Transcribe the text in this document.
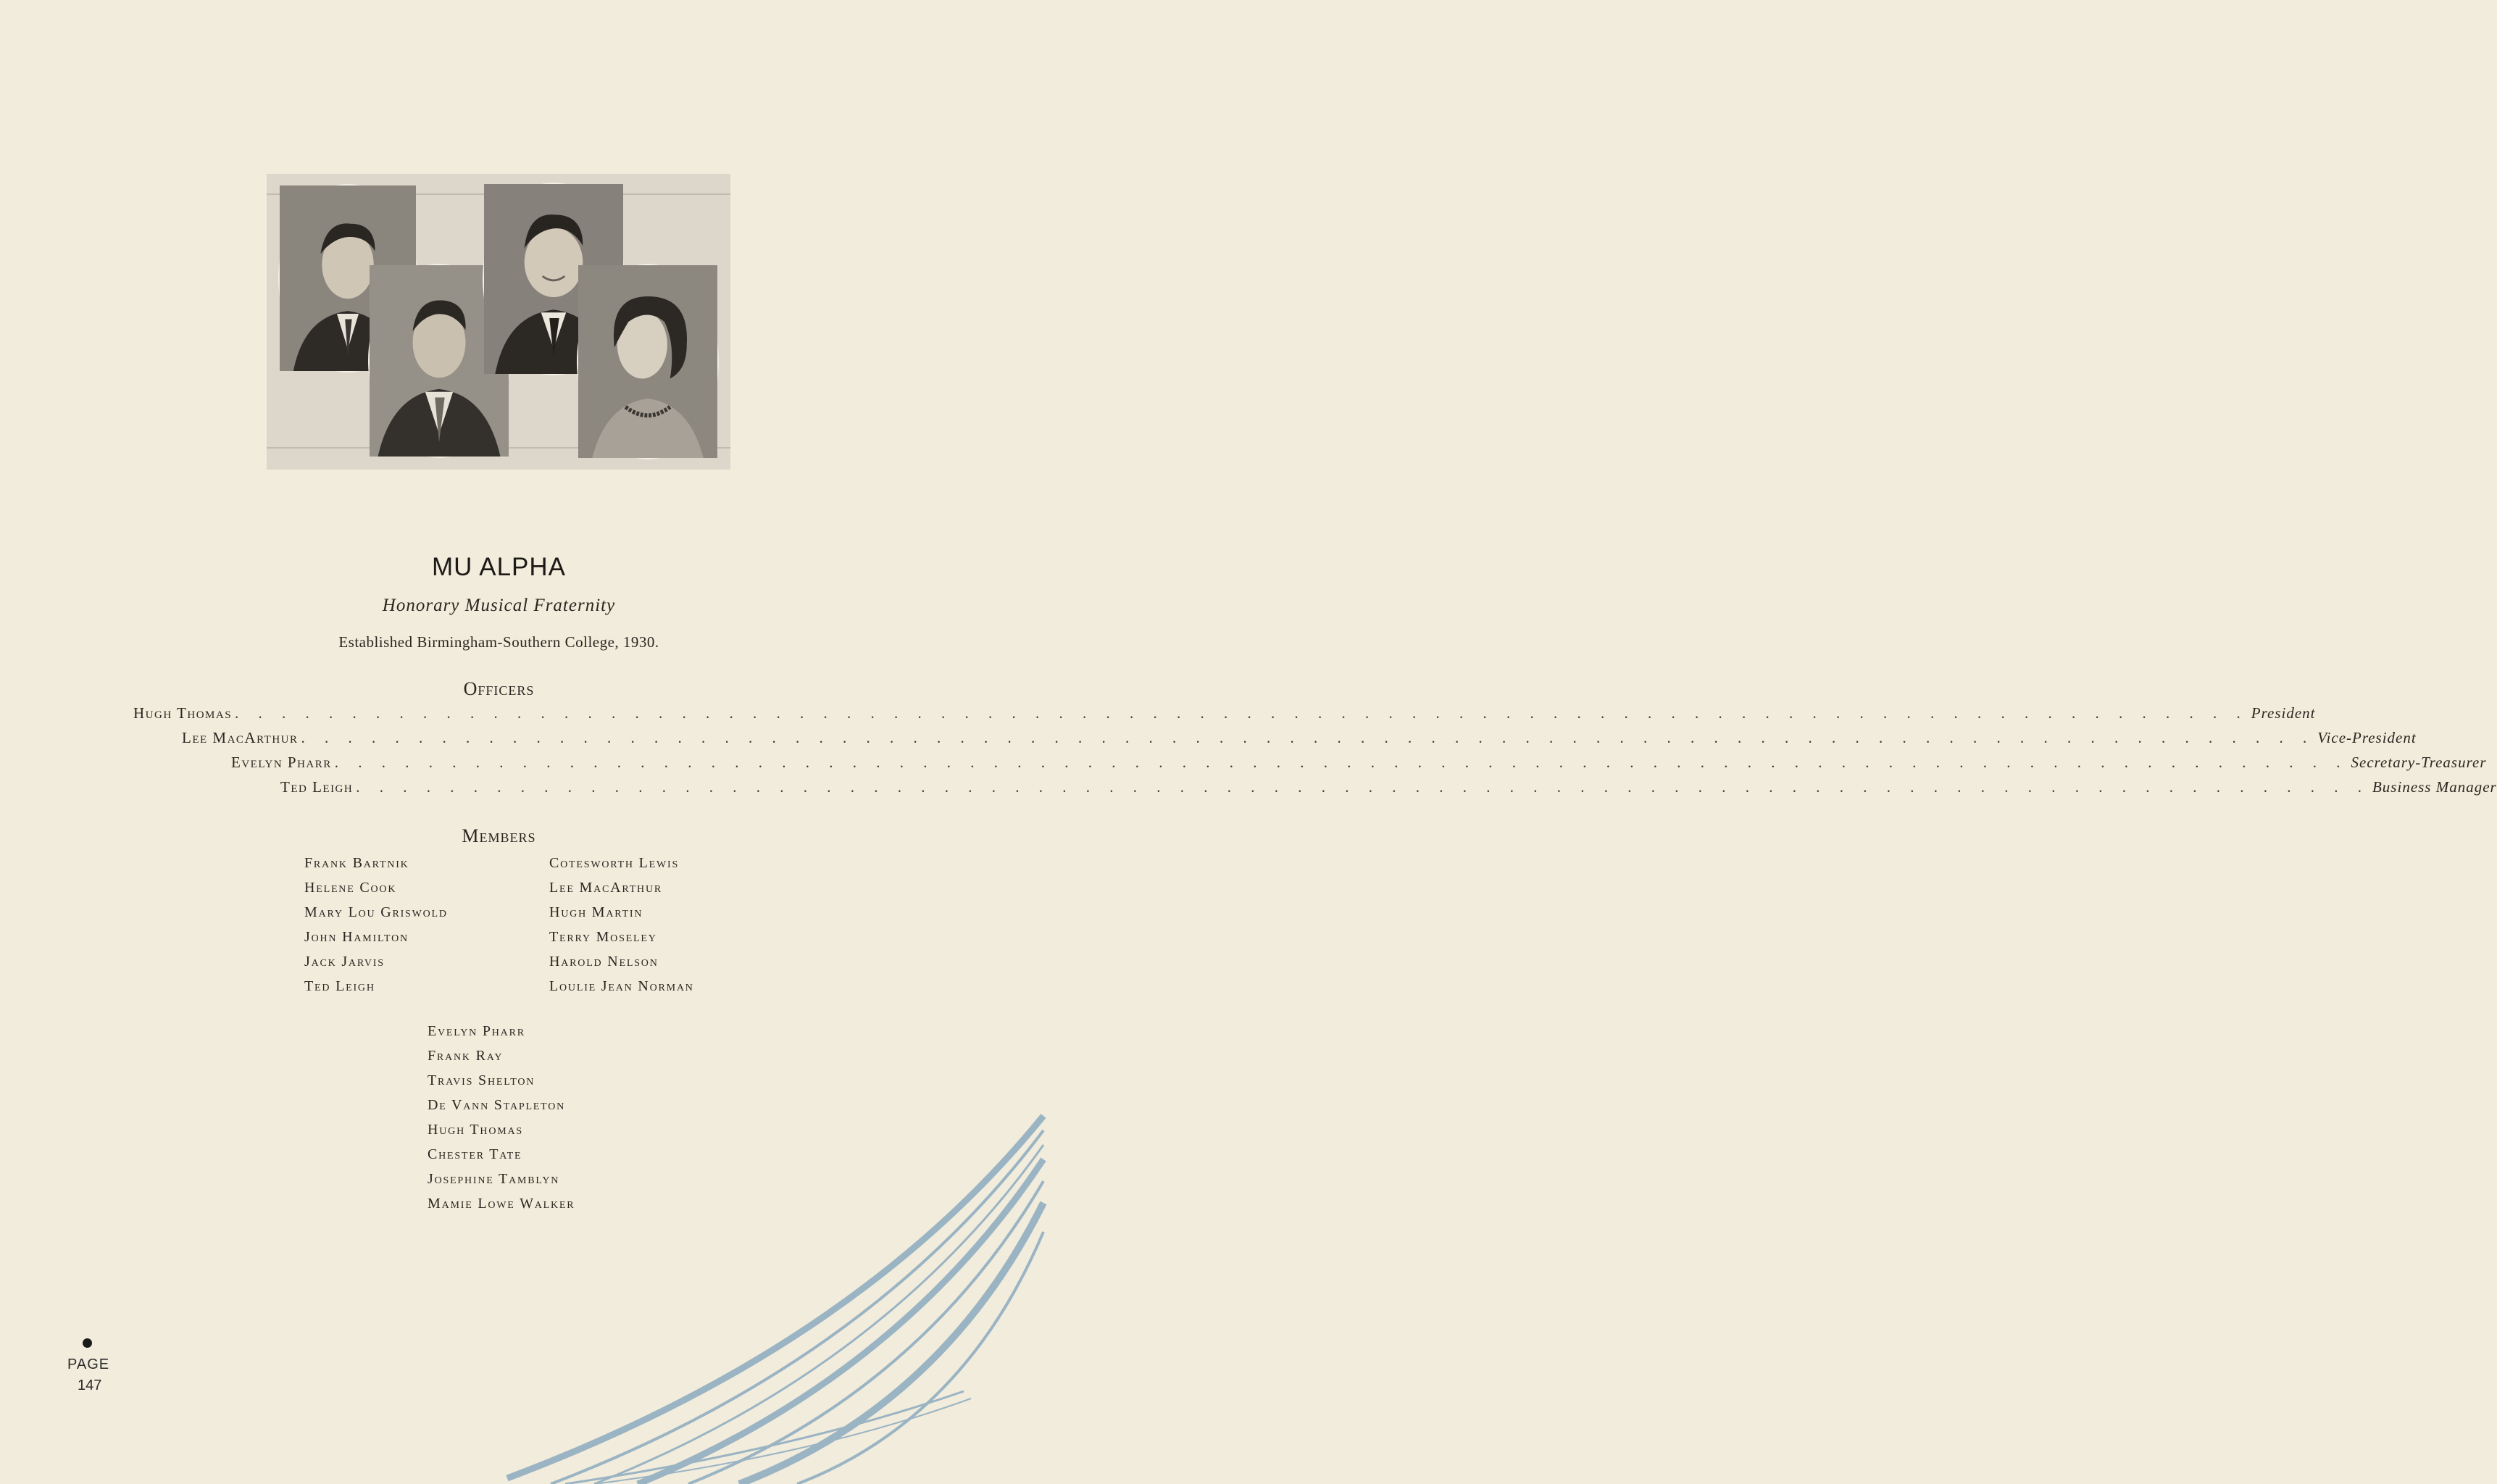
MU ALPHA
Honorary Musical Fraternity
Established Birmingham-Southern College, 1930.
Officers
Hugh Thomas . . . . . . . . . . . . . . . . . . . . . . . . . . . . . . . . . . . . . . . . . . . . . . . . . . . . . . . . . . . . . . . . . . . . . . . . . . . . . . . . . . . . . . President
Lee MacArthur . . . . . . . . . . . . . . . . . . . . . . . . . . . . . . . . . . . . . . . . . . . . . . . . . . . . . . . . . . . . . . . . . . . . . . . . . . . . . . . . . . . . . . Vice-President
Evelyn Pharr . . . . . . . . . . . . . . . . . . . . . . . . . . . . . . . . . . . . . . . . . . . . . . . . . . . . . . . . . . . . . . . . . . . . . . . . . . . . . . . . . . . . . . Secretary-Treasurer
Ted Leigh . . . . . . . . . . . . . . . . . . . . . . . . . . . . . . . . . . . . . . . . . . . . . . . . . . . . . . . . . . . . . . . . . . . . . . . . . . . . . . . . . . . . . . Business Manager
Members
Frank Bartnik
Helene Cook
Mary Lou Griswold
John Hamilton
Jack Jarvis
Ted Leigh
Cotesworth Lewis
Lee MacArthur
Hugh Martin
Terry Moseley
Harold Nelson
Loulie Jean Norman
Evelyn Pharr
Frank Ray
Travis Shelton
De Vann Stapleton
Hugh Thomas
Chester Tate
Josephine Tamblyn
Mamie Lowe Walker
PAGE
147
